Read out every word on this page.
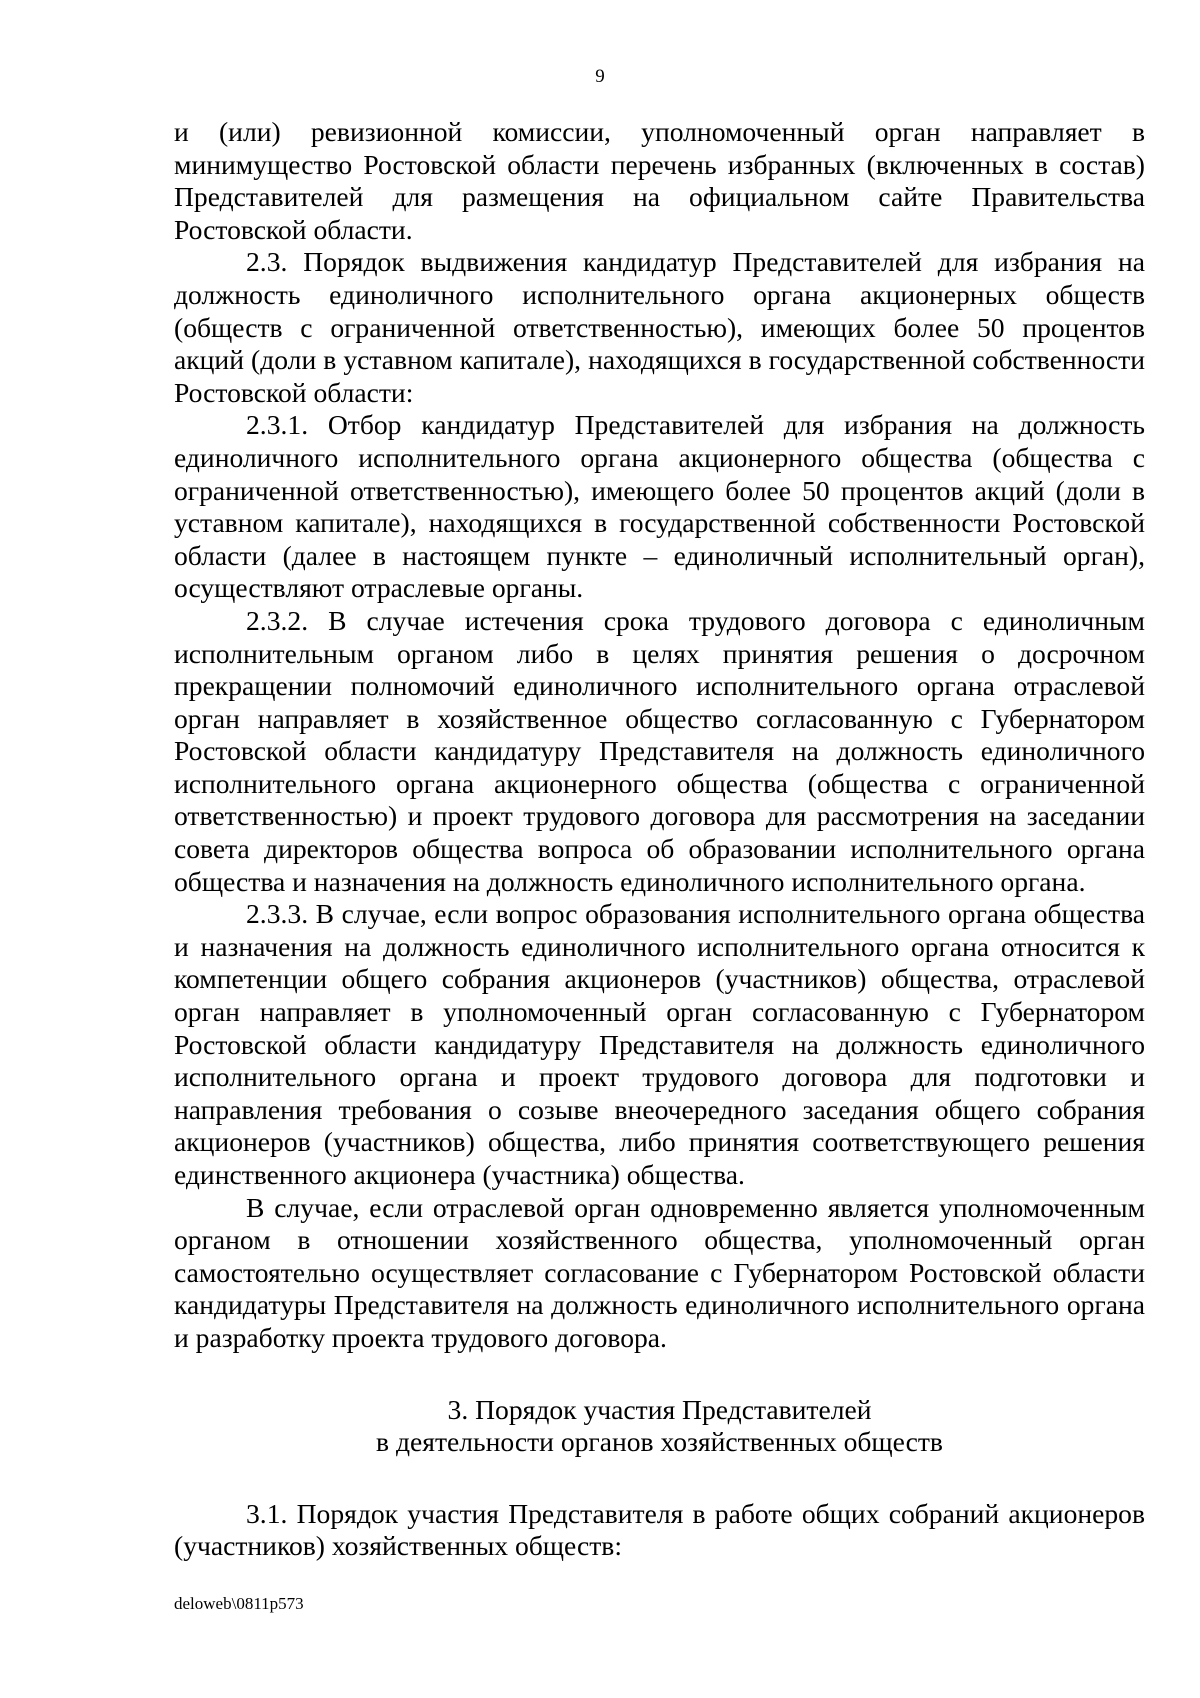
9

и (или) ревизионной комиссии, уполномоченный орган направляет в минимущество Ростовской области перечень избранных (включенных в состав) Представителей для размещения на официальном сайте Правительства Ростовской области.

2.3. Порядок выдвижения кандидатур Представителей для избрания на должность единоличного исполнительного органа акционерных обществ (обществ с ограниченной ответственностью), имеющих более 50 процентов акций (доли в уставном капитале), находящихся в государственной собственности Ростовской области:

2.3.1. Отбор кандидатур Представителей для избрания на должность единоличного исполнительного органа акционерного общества (общества с ограниченной ответственностью), имеющего более 50 процентов акций (доли в уставном капитале), находящихся в государственной собственности Ростовской области (далее в настоящем пункте – единоличный исполнительный орган), осуществляют отраслевые органы.

2.3.2. В случае истечения срока трудового договора с единоличным исполнительным органом либо в целях принятия решения о досрочном прекращении полномочий единоличного исполнительного органа отраслевой орган направляет в хозяйственное общество согласованную с Губернатором Ростовской области кандидатуру Представителя на должность единоличного исполнительного органа акционерного общества (общества с ограниченной ответственностью) и проект трудового договора для рассмотрения на заседании совета директоров общества вопроса об образовании исполнительного органа общества и назначения на должность единоличного исполнительного органа.

2.3.3. В случае, если вопрос образования исполнительного органа общества и назначения на должность единоличного исполнительного органа относится к компетенции общего собрания акционеров (участников) общества, отраслевой орган направляет в уполномоченный орган согласованную с Губернатором Ростовской области кандидатуру Представителя на должность единоличного исполнительного органа и проект трудового договора для подготовки и направления требования о созыве внеочередного заседания общего собрания акционеров (участников) общества, либо принятия соответствующего решения единственного акционера (участника) общества.

В случае, если отраслевой орган одновременно является уполномоченным органом в отношении хозяйственного общества, уполномоченный орган самостоятельно осуществляет согласование с Губернатором Ростовской области кандидатуры Представителя на должность единоличного исполнительного органа и разработку проекта трудового договора.

3. Порядок участия Представителей
в деятельности органов хозяйственных обществ

3.1. Порядок участия Представителя в работе общих собраний акционеров (участников) хозяйственных обществ:

deloweb\0811p573
